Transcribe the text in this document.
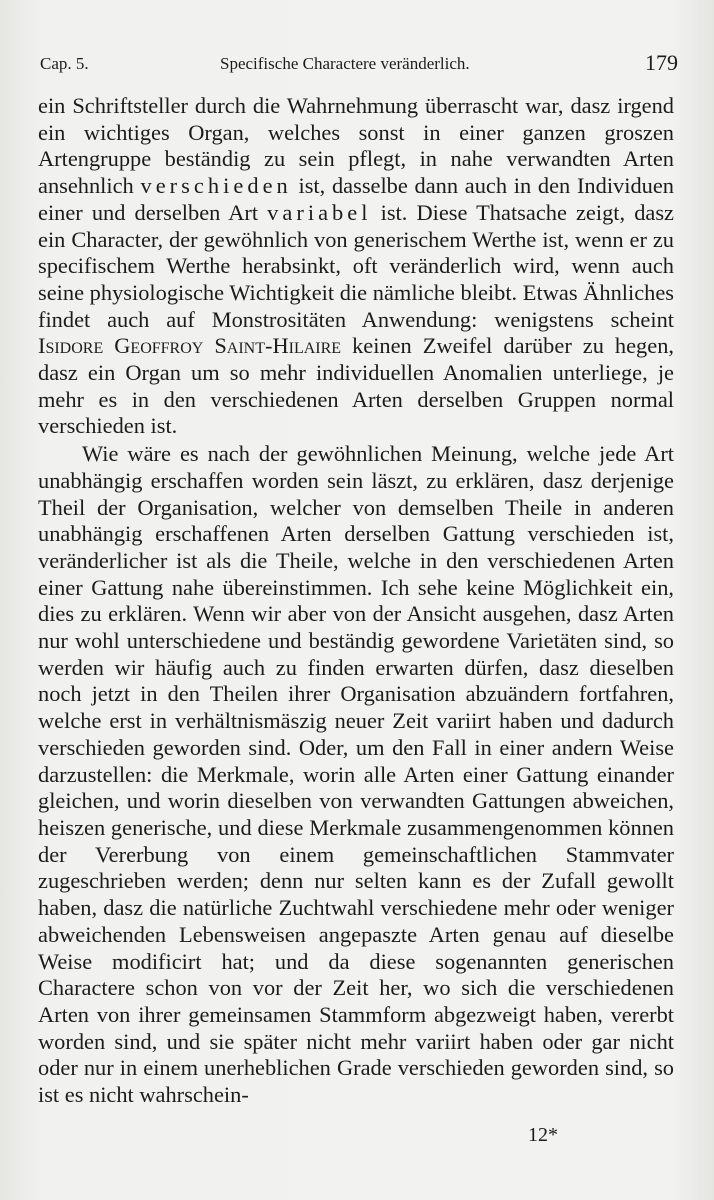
Cap. 5.	Specifische Charactere veränderlich.	179

ein Schriftsteller durch die Wahrnehmung überrascht war, dasz irgend ein wichtiges Organ, welches sonst in einer ganzen groszen Artengruppe beständig zu sein pflegt, in nahe verwandten Arten ansehnlich verschieden ist, dasselbe dann auch in den Individuen einer und derselben Art variabel ist. Diese Thatsache zeigt, dasz ein Character, der gewöhnlich von generischem Werthe ist, wenn er zu specifischem Werthe herabsinkt, oft veränderlich wird, wenn auch seine physiologische Wichtigkeit die nämliche bleibt. Etwas Ähnliches findet auch auf Monstrositäten Anwendung: wenigstens scheint Isidore Geoffroy Saint-Hilaire keinen Zweifel darüber zu hegen, dasz ein Organ um so mehr individuellen Anomalien unterliege, je mehr es in den verschiedenen Arten derselben Gruppen normal verschieden ist.

Wie wäre es nach der gewöhnlichen Meinung, welche jede Art unabhängig erschaffen worden sein läszt, zu erklären, dasz derjenige Theil der Organisation, welcher von demselben Theile in anderen unabhängig erschaffenen Arten derselben Gattung verschieden ist, veränderlicher ist als die Theile, welche in den verschiedenen Arten einer Gattung nahe übereinstimmen. Ich sehe keine Möglichkeit ein, dies zu erklären. Wenn wir aber von der Ansicht ausgehen, dasz Arten nur wohl unterschiedene und beständig gewordene Varietäten sind, so werden wir häufig auch zu finden erwarten dürfen, dasz dieselben noch jetzt in den Theilen ihrer Organisation abzuändern fortfahren, welche erst in verhältnismäszig neuer Zeit variirt haben und dadurch verschieden geworden sind. Oder, um den Fall in einer andern Weise darzustellen: die Merkmale, worin alle Arten einer Gattung einander gleichen, und worin dieselben von verwandten Gattungen abweichen, heiszen generische, und diese Merkmale zusammengenommen können der Vererbung von einem gemeinschaftlichen Stammvater zugeschrieben werden; denn nur selten kann es der Zufall gewollt haben, dasz die natürliche Zuchtwahl verschiedene mehr oder weniger abweichenden Lebensweisen angepaszte Arten genau auf dieselbe Weise modificirt hat; und da diese sogenannten generischen Charactere schon von vor der Zeit her, wo sich die verschiedenen Arten von ihrer gemeinsamen Stammform abgezweigt haben, vererbt worden sind, und sie später nicht mehr variirt haben oder gar nicht oder nur in einem unerheblichen Grade verschieden geworden sind, so ist es nicht wahrschein-

12*
